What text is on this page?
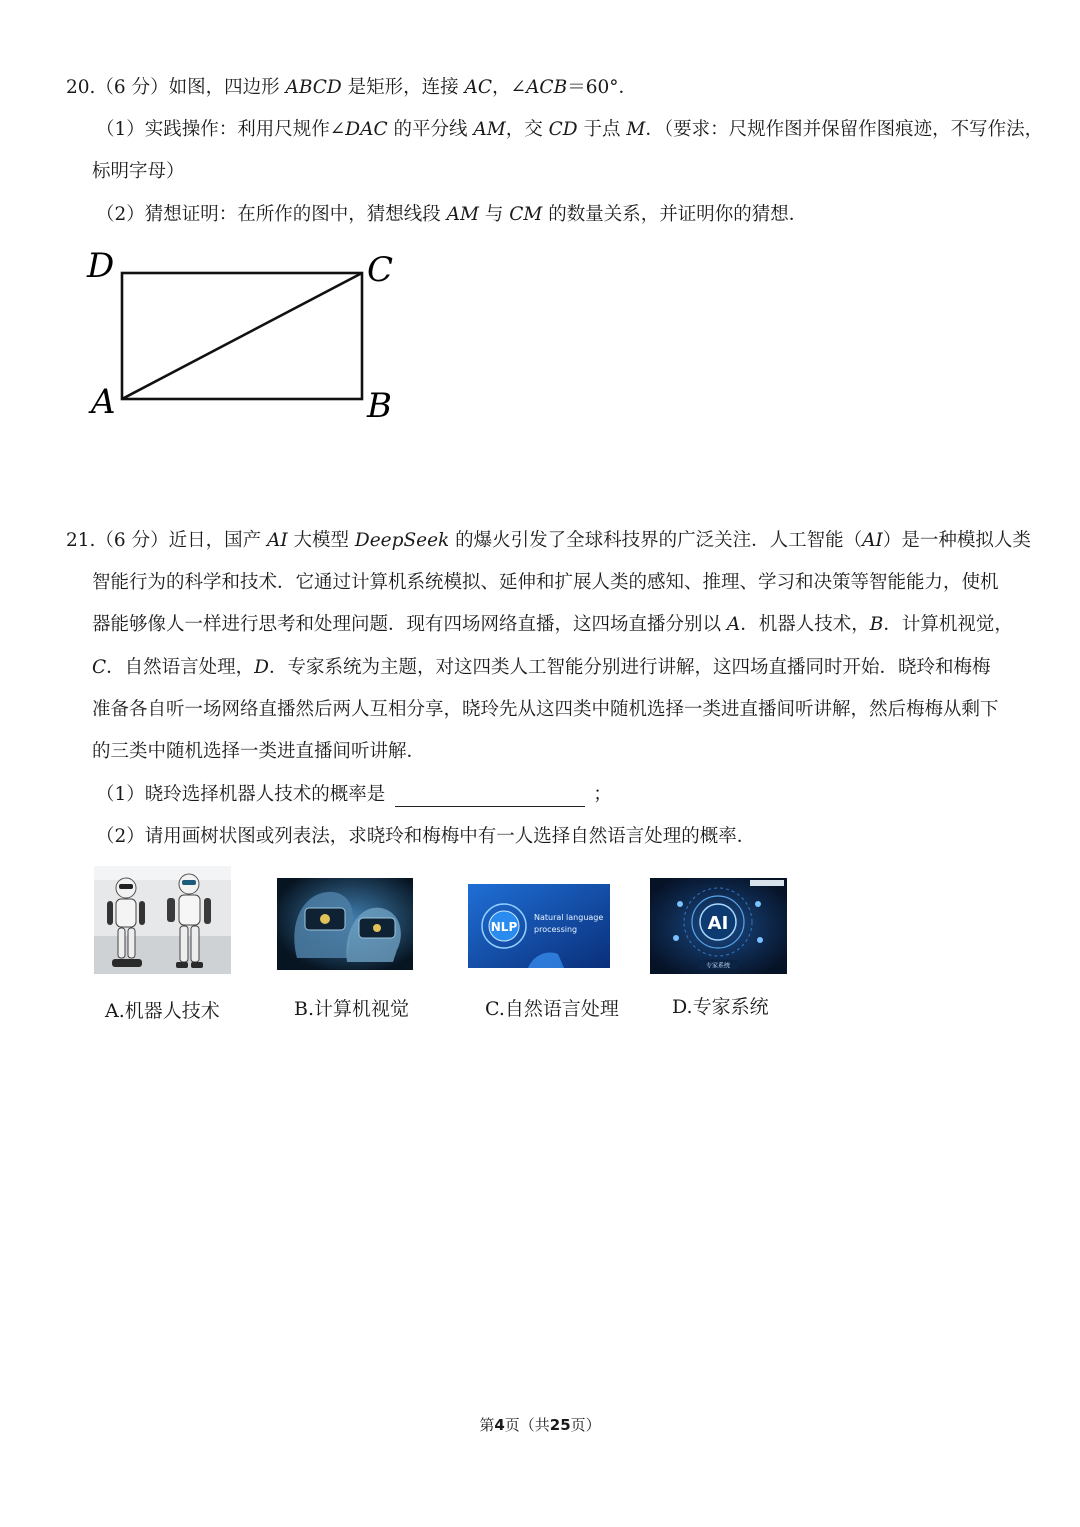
20.（6 分）如图，四边形 ABCD 是矩形，连接 AC，∠ACB＝60°．
（1）实践操作：利用尺规作∠DAC 的平分线 AM，交 CD 于点 M．（要求：尺规作图并保留作图痕迹，不写作法，
标明字母）
（2）猜想证明：在所作的图中，猜想线段 AM 与 CM 的数量关系，并证明你的猜想．
D	C
A	B
21.（6 分）近日，国产 AI 大模型 DeepSeek 的爆火引发了全球科技界的广泛关注．人工智能（AI）是一种模拟人类
智能行为的科学和技术．它通过计算机系统模拟、延伸和扩展人类的感知、推理、学习和决策等智能能力，使机
器能够像人一样进行思考和处理问题．现有四场网络直播，这四场直播分别以 A．机器人技术，B．计算机视觉，
C．自然语言处理，D．专家系统为主题，对这四类人工智能分别进行讲解，这四场直播同时开始．晓玲和梅梅
准备各自听一场网络直播然后两人互相分享，晓玲先从这四类中随机选择一类进直播间听讲解，然后梅梅从剩下
的三类中随机选择一类进直播间听讲解．
（1）晓玲选择机器人技术的概率是	；
（2）请用画树状图或列表法，求晓玲和梅梅中有一人选择自然语言处理的概率．
A.机器人技术	B.计算机视觉
NLP
Natural language
processing
C.自然语言处理
AI
专家系统
D.专家系统
第4页（共25页）
